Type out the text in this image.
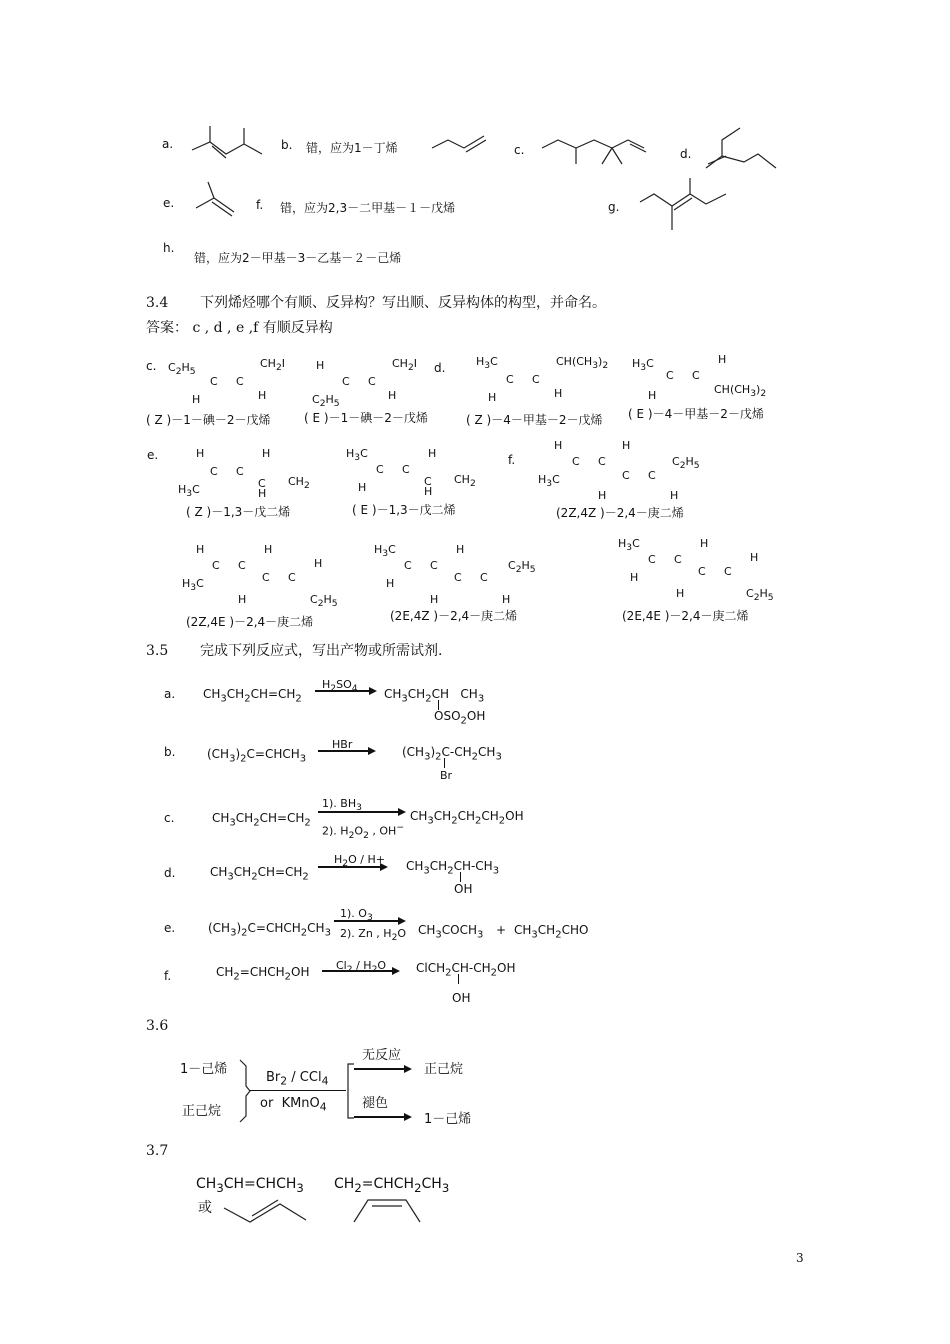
a.	b. 错，应为1－丁烯	c.	d.
e.	f. 错，应为2,3－二甲基－１－戊烯	g.
h.
错，应为2－甲基－3－乙基－２－己烯
3.4 下列烯烃哪个有顺、反异构？写出顺、反异构体的构型，并命名。
答案： c , d , e ,f 有顺反异构
c. $C_2H_5$
$CH_2I$
C C
H	H
H	$CH_2I$
C C
$C_2H_5$
H
d.	$H_3C$	$CH(CH_3)_2$
C C
H	H
$H_3C$	H
C C
H	$CH(CH_3)_2$
( Z )－1－碘－2－戊烯	( E )－1－碘－2－戊烯	( Z )－4－甲基－2－戊烯 ( E )－4－甲基－2－戊烯
e.	H	H
C C
C $CH_2$
$H_3C$	H
$H_3C$	H
C C
C $CH_2$
H	H
f.
H	H
C C	$C_2H_5$
C C
$H_3C$
H	H
( Z )－1,3－戊二烯	( E )－1,3－戊二烯	(2Z,4Z )－2,4－庚二烯
H	H
C C	H
C C
$H_3C$
H	$C_2H_5$
$H_3C$	H
C C	$C_2H_5$
C C
H
H	H
$H_3C$	H
C C	H
C C
H
H	$C_2H_5$
(2Z,4E )－2,4－庚二烯	(2E,4Z )－2,4－庚二烯	(2E,4E )－2,4－庚二烯
3.5 完成下列反应式，写出产物或所需试剂.
a. $CH_3CH_2CH=CH_2$
$H_2SO_4$ $CH_3CH_2CH$   $CH_3$
$OSO_2OH$
b.	$(CH_3)_2C=CHCH_3$
HBr
$(CH_3)_2C-CH_2CH_3$
Br
c.	$CH_3CH_2CH=CH_2$
1). $BH_3$
2). $H_2O_2$ , OH−
$CH_3CH_2CH_2CH_2OH$
d.	$CH_3CH_2CH=CH_2$
$H_2O / H+ CH_3CH_2CH-CH_3$
OH
e.	$(CH_3)_2C=CHCH_2CH_3$
1). $O_3$
2). Zn , $H_2O$ $CH_3COCH_3 + CH_3CH_2CHO$
f.	$CH_2=CHCH_2OH$ $Cl_2 / H_2O$ $ClCH_2CH-CH_2OH$
OH
3.6
1－己烯
正己烷
$Br_2 / CCl_4$
or  KMnO$_4$
无反应
正己烷
褪色
1－己烯
3.7
$CH_3CH=CHCH_3$ $CH_2=CHCH_2CH_3$
或
3
